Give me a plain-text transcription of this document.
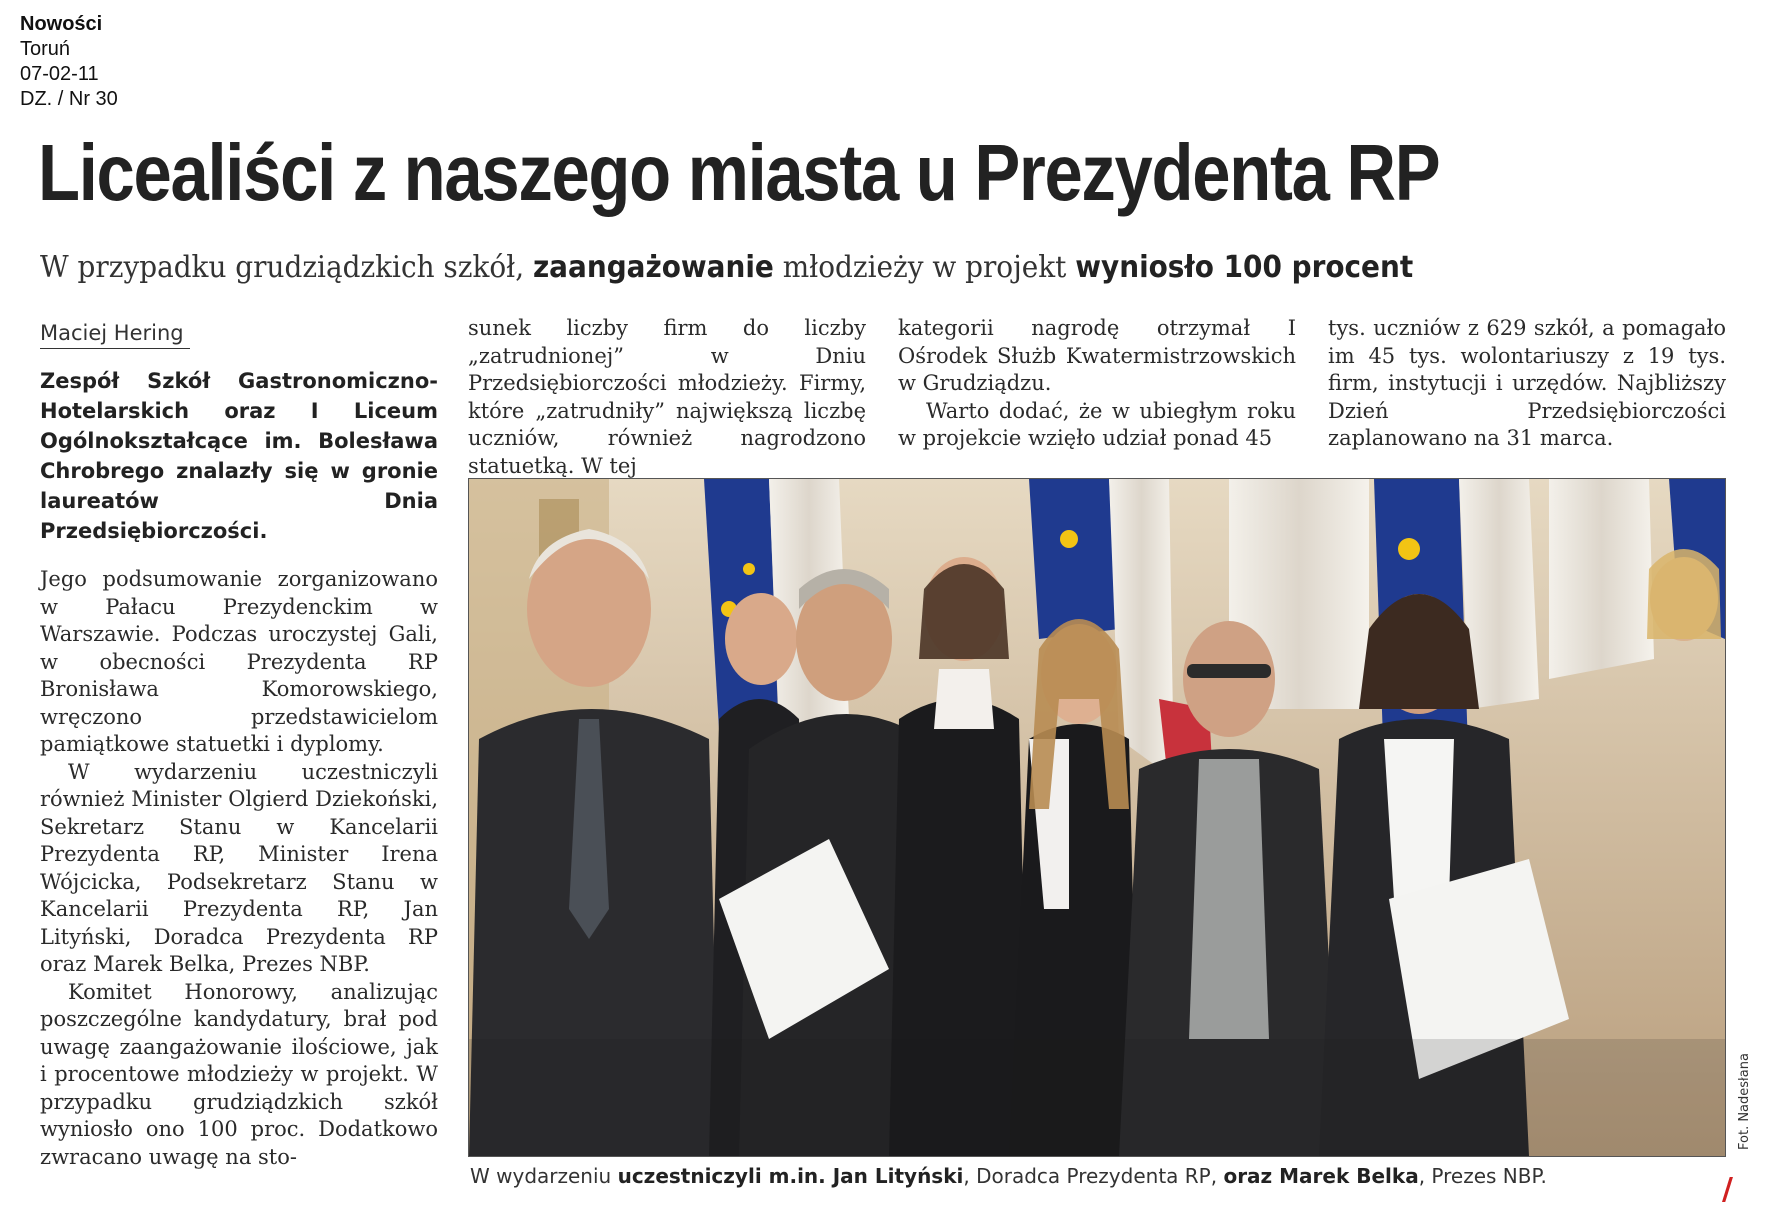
Nowości
Toruń
07-02-11
DZ. / Nr 30
Licealiści z naszego miasta u Prezydenta RP
W przypadku grudziądzkich szkół, zaangażowanie młodzieży w projekt wyniosło 100 procent
Maciej Hering

Zespół Szkół Gastronomiczno-Hotelarskich oraz I Liceum Ogólnokształcące im. Bolesława Chrobrego znalazły się w gronie laureatów Dnia Przedsiębiorczości.

Jego podsumowanie zorganizowano w Pałacu Prezydenckim w Warszawie. Podczas uroczystej Gali, w obecności Prezydenta RP Bronisława Komorowskiego, wręczono przedstawicielom pamiątkowe statuetki i dyplomy.

W wydarzeniu uczestniczyli również Minister Olgierd Dziekoński, Sekretarz Stanu w Kancelarii Prezydenta RP, Minister Irena Wójcicka, Podsekretarz Stanu w Kancelarii Prezydenta RP, Jan Lityński, Doradca Prezydenta RP oraz Marek Belka, Prezes NBP.

Komitet Honorowy, analizując poszczególne kandydatury, brał pod uwagę zaangażowanie ilościowe, jak i procentowe młodzieży w projekt. W przypadku grudziądzkich szkół wyniosło ono 100 proc. Dodatkowo zwracano uwagę na sto-

sunek liczby firm do liczby „zatrudnionej” w Dniu Przedsiębiorczości młodzieży. Firmy, które „zatrudniły” największą liczbę uczniów, również nagrodzono statuetką. W tej

kategorii nagrodę otrzymał I Ośrodek Służb Kwatermistrzowskich w Grudziądzu.

Warto dodać, że w ubiegłym roku w projekcie wzięło udział ponad 45

tys. uczniów z 629 szkół, a pomagało im 45 tys. wolontariuszy z 19 tys. firm, instytucji i urzędów. Najbliższy Dzień Przedsiębiorczości zaplanowano na 31 marca.

Fot. Nadesłana
W wydarzeniu uczestniczyli m.in. Jan Lityński, Doradca Prezydenta RP, oraz Marek Belka, Prezes NBP.	/
